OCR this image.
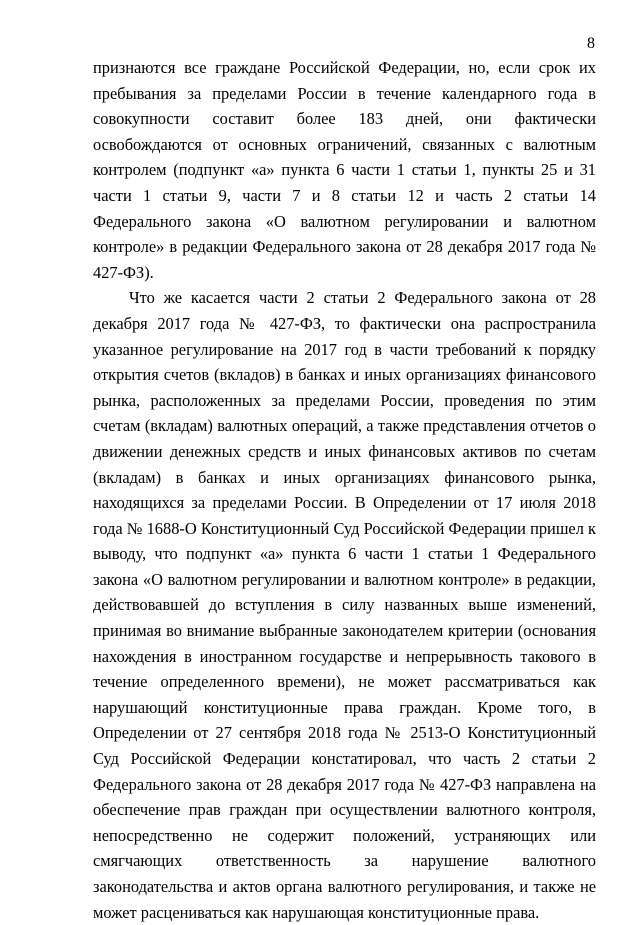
8

признаются все граждане Российской Федерации, но, если срок их пребывания за пределами России в течение календарного года в совокупности составит более 183 дней, они фактически освобождаются от основных ограничений, связанных с валютным контролем (подпункт «а» пункта 6 части 1 статьи 1, пункты 25 и 31 части 1 статьи 9, части 7 и 8 статьи 12 и часть 2 статьи 14 Федерального закона «О валютном регулировании и валютном контроле» в редакции Федерального закона от 28 декабря 2017 года № 427-ФЗ).

Что же касается части 2 статьи 2 Федерального закона от 28 декабря 2017 года № 427-ФЗ, то фактически она распространила указанное регулирование на 2017 год в части требований к порядку открытия счетов (вкладов) в банках и иных организациях финансового рынка, расположенных за пределами России, проведения по этим счетам (вкладам) валютных операций, а также представления отчетов о движении денежных средств и иных финансовых активов по счетам (вкладам) в банках и иных организациях финансового рынка, находящихся за пределами России. В Определении от 17 июля 2018 года № 1688-О Конституционный Суд Российской Федерации пришел к выводу, что подпункт «а» пункта 6 части 1 статьи 1 Федерального закона «О валютном регулировании и валютном контроле» в редакции, действовавшей до вступления в силу названных выше изменений, принимая во внимание выбранные законодателем критерии (основания нахождения в иностранном государстве и непрерывность такового в течение определенного времени), не может рассматриваться как нарушающий конституционные права граждан. Кроме того, в Определении от 27 сентября 2018 года № 2513-О Конституционный Суд Российской Федерации констатировал, что часть 2 статьи 2 Федерального закона от 28 декабря 2017 года № 427-ФЗ направлена на обеспечение прав граждан при осуществлении валютного контроля, непосредственно не содержит положений, устраняющих или смягчающих ответственность за нарушение валютного законодательства и актов органа валютного регулирования, и также не может расцениваться как нарушающая конституционные права.
